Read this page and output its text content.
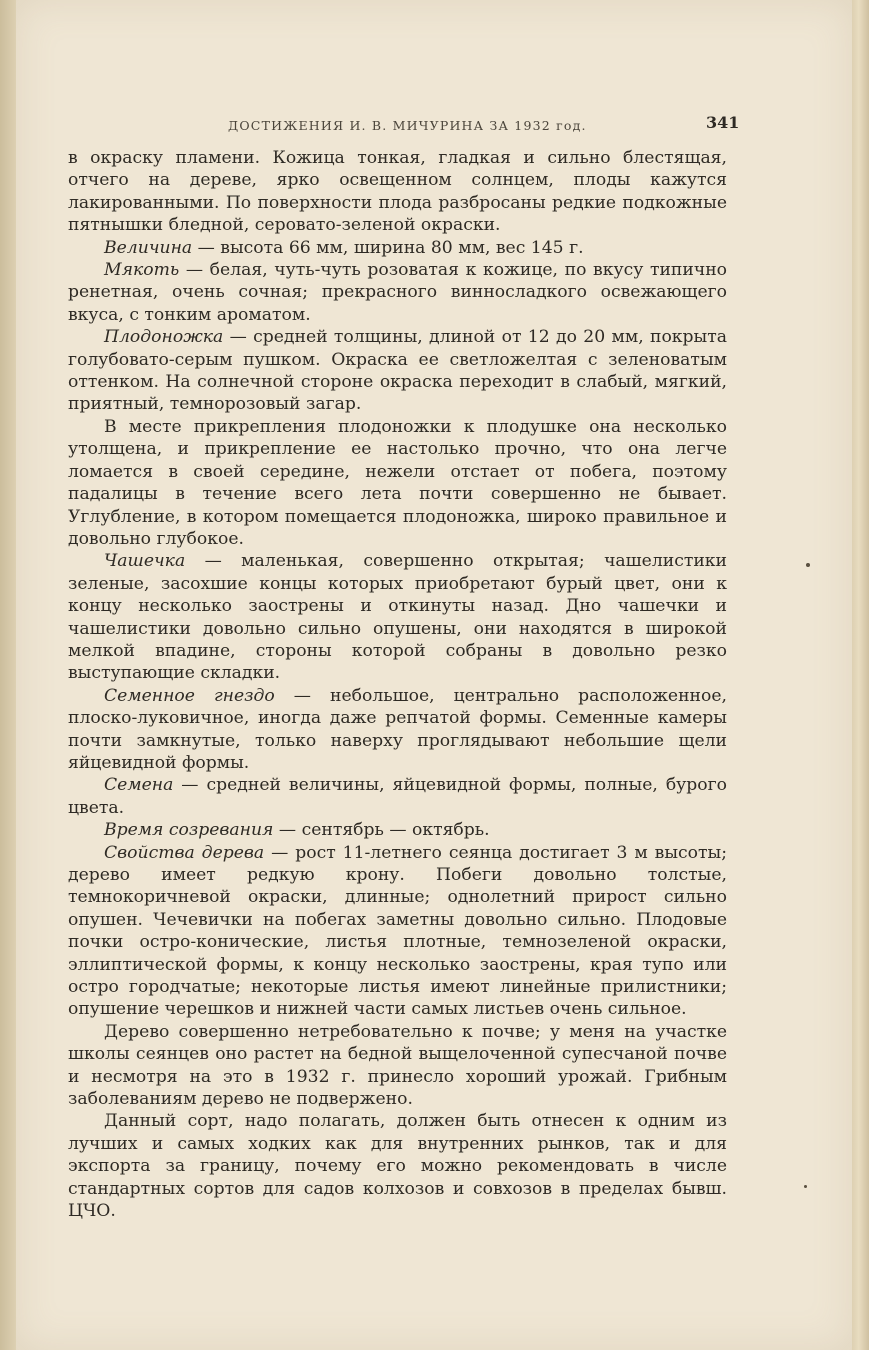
ДОСТИЖЕНИЯ И. В. МИЧУРИНА ЗА 1932 год.	341

в окраску пламени. Кожица тонкая, гладкая и сильно блестящая, отчего на дереве, ярко освещенном солнцем, плоды кажутся лакированными. По поверхности плода разбросаны редкие подкожные пятнышки бледной, серовато-зеленой окраски.

Величина — высота 66 мм, ширина 80 мм, вес 145 г.

Мякоть — белая, чуть-чуть розоватая к кожице, по вкусу типично ренетная, очень сочная; прекрасного винносладкого освежающего вкуса, с тонким ароматом.

Плодоножка — средней толщины, длиной от 12 до 20 мм, покрыта голубовато-серым пушком. Окраска ее светложелтая с зеленоватым оттенком. На солнечной стороне окраска переходит в слабый, мягкий, приятный, темнорозовый загар.

В месте прикрепления плодоножки к плодушке она несколько утолщена, и прикрепление ее настолько прочно, что она легче ломается в своей середине, нежели отстает от побега, поэтому падалицы в течение всего лета почти совершенно не бывает. Углубление, в котором помещается плодоножка, широко правильное и довольно глубокое.

Чашечка — маленькая, совершенно открытая; чашелистики зеленые, засохшие концы которых приобретают бурый цвет, они к концу несколько заострены и откинуты назад. Дно чашечки и чашелистики довольно сильно опушены, они находятся в широкой мелкой впадине, стороны которой собраны в довольно резко выступающие складки.

Семенное гнездо — небольшое, центрально расположенное, плоско-луковичное, иногда даже репчатой формы. Семенные камеры почти замкнутые, только наверху проглядывают небольшие щели яйцевидной формы.

Семена — средней величины, яйцевидной формы, полные, бурого цвета.

Время созревания — сентябрь — октябрь.

Свойства дерева — рост 11-летнего сеянца достигает 3 м высоты; дерево имеет редкую крону. Побеги довольно толстые, темнокоричневой окраски, длинные; однолетний прирост сильно опушен. Чечевички на побегах заметны довольно сильно. Плодовые почки остро-конические, листья плотные, темнозеленой окраски, эллиптической формы, к концу несколько заострены, края тупо или остро городчатые; некоторые листья имеют линейные прилистники; опушение черешков и нижней части самых листьев очень сильное.

Дерево совершенно нетребовательно к почве; у меня на участке школы сеянцев оно растет на бедной выщелоченной супесчаной почве и несмотря на это в 1932 г. принесло хороший урожай. Грибным заболеваниям дерево не подвержено.

Данный сорт, надо полагать, должен быть отнесен к одним из лучших и самых ходких как для внутренних рынков, так и для экспорта за границу, почему его можно рекомендовать в числе стандартных сортов для садов колхозов и совхозов в пределах бывш. ЦЧО.
